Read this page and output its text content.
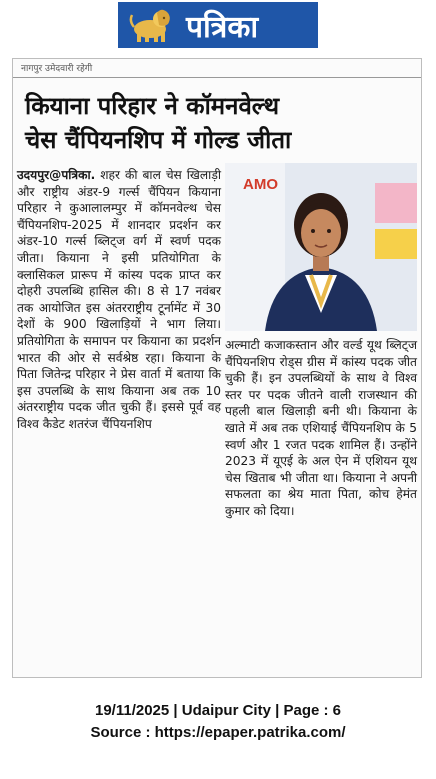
पत्रिका
नागपुर उमेदवारी रहेगी
कियाना परिहार ने कॉमनवेल्थ
चेस चैंपियनशिप में गोल्ड जीता
उदयपुर@पत्रिका. शहर की बाल चेस खिलाड़ी और राष्ट्रीय अंडर-9 गर्ल्स चैंपियन कियाना परिहार ने कुआलालम्पुर में कॉमनवेल्थ चेस चैंपियनशिप-2025 में शानदार प्रदर्शन कर अंडर-10 गर्ल्स ब्लिट्ज वर्ग में स्वर्ण पदक जीता। कियाना ने इसी प्रतियोगिता के क्लासिकल प्रारूप में कांस्य पदक प्राप्त कर दोहरी उपलब्धि हासिल की। 8 से 17 नवंबर तक आयोजित इस अंतरराष्ट्रीय टूर्नामेंट में 30 देशों के 900 खिलाड़ियों ने भाग लिया। प्रतियोगिता के समापन पर कियाना का प्रदर्शन भारत की ओर से सर्वश्रेष्ठ रहा। कियाना के पिता जितेन्द्र परिहार ने प्रेस वार्ता में बताया कि इस उपलब्धि के साथ कियाना अब तक 10 अंतरराष्ट्रीय पदक जीत चुकी हैं। इससे पूर्व वह विश्व कैडेट शतरंज चैंपियनशिप
AMO
अल्माटी कजाकस्तान और वर्ल्ड यूथ ब्लिट्ज चैंपियनशिप रोड्स ग्रीस में कांस्य पदक जीत चुकी हैं। इन उपलब्धियों के साथ वे विश्व स्तर पर पदक जीतने वाली राजस्थान की पहली बाल खिलाड़ी बनी थी। कियाना के खाते में अब तक एशियाई चैंपियनशिप के 5 स्वर्ण और 1 रजत पदक शामिल हैं। उन्होंने 2023 में यूएई के अल ऐन में एशियन यूथ चेस खिताब भी जीता था। कियाना ने अपनी सफलता का श्रेय माता पिता, कोच हेमंत कुमार को दिया।
19/11/2025 | Udaipur City | Page : 6
Source : https://epaper.patrika.com/
